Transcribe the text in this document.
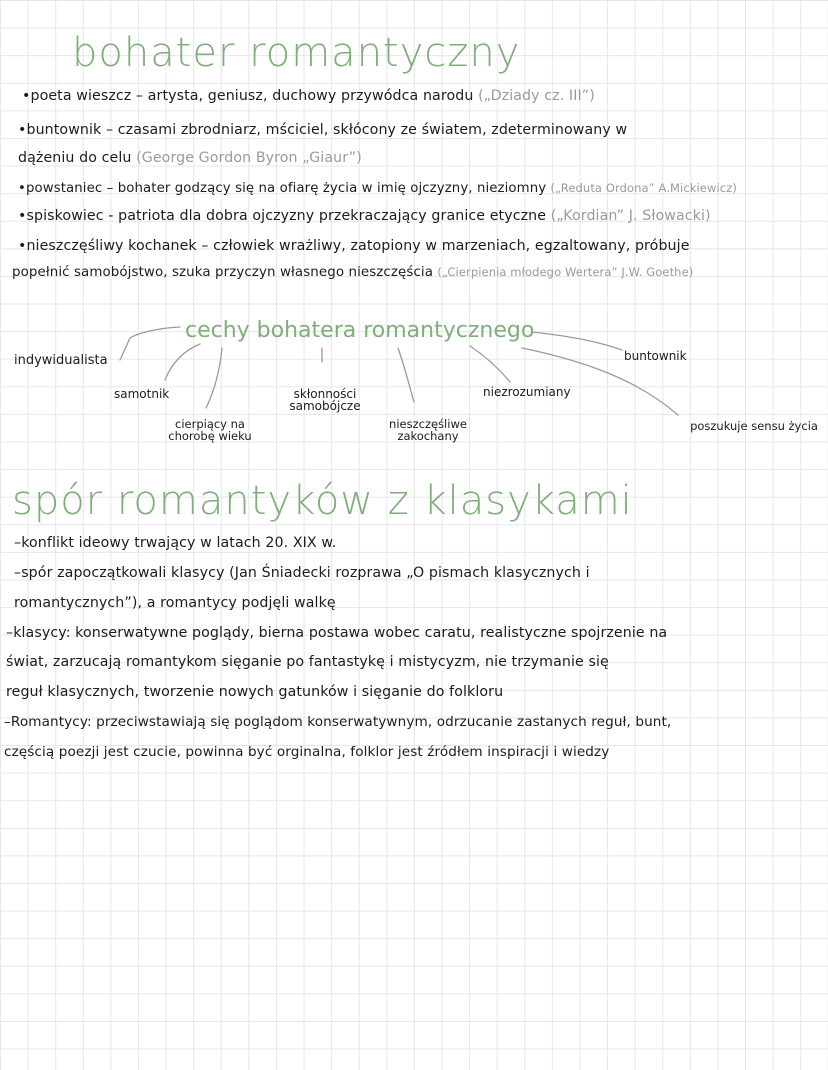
bohater romantyczny
•poeta wieszcz – artysta, geniusz, duchowy przywódca narodu („Dziady cz. III”)
•buntownik – czasami zbrodniarz, mściciel, skłócony ze światem, zdeterminowany w
dążeniu do celu (George Gordon Byron „Giaur”)
•powstaniec – bohater godzący się na ofiarę życia w imię ojczyzny, nieziomny („Reduta Ordona” A.Mickiewicz)
•spiskowiec - patriota dla dobra ojczyzny przekraczający granice etyczne („Kordian” J. Słowacki)
•nieszczęśliwy kochanek – człowiek wrażliwy, zatopiony w marzeniach, egzaltowany, próbuje
popełnić samobójstwo, szuka przyczyn własnego nieszczęścia („Cierpienia młodego Wertera” J.W. Goethe)
cechy bohatera romantycznego
indywidualista
samotnik
cierpiący na chorobę wieku
skłonności samobójcze
nieszczęśliwe zakochany
niezrozumiany
buntownik
poszukuje sensu życia
spór romantyków z klasykami
–konflikt ideowy trwający w latach 20. XIX w.
–spór zapoczątkowali klasycy (Jan Śniadecki rozprawa „O pismach klasycznych i
romantycznych”), a romantycy podjęli walkę
–klasycy: konserwatywne poglądy, bierna postawa wobec caratu, realistyczne spojrzenie na
świat, zarzucają romantykom sięganie po fantastykę i mistycyzm, nie trzymanie się
reguł klasycznych, tworzenie nowych gatunków i sięganie do folkloru
–Romantycy: przeciwstawiają się poglądom konserwatywnym, odrzucanie zastanych reguł, bunt,
częścią poezji jest czucie, powinna być orginalna, folklor jest źródłem inspiracji i wiedzy
